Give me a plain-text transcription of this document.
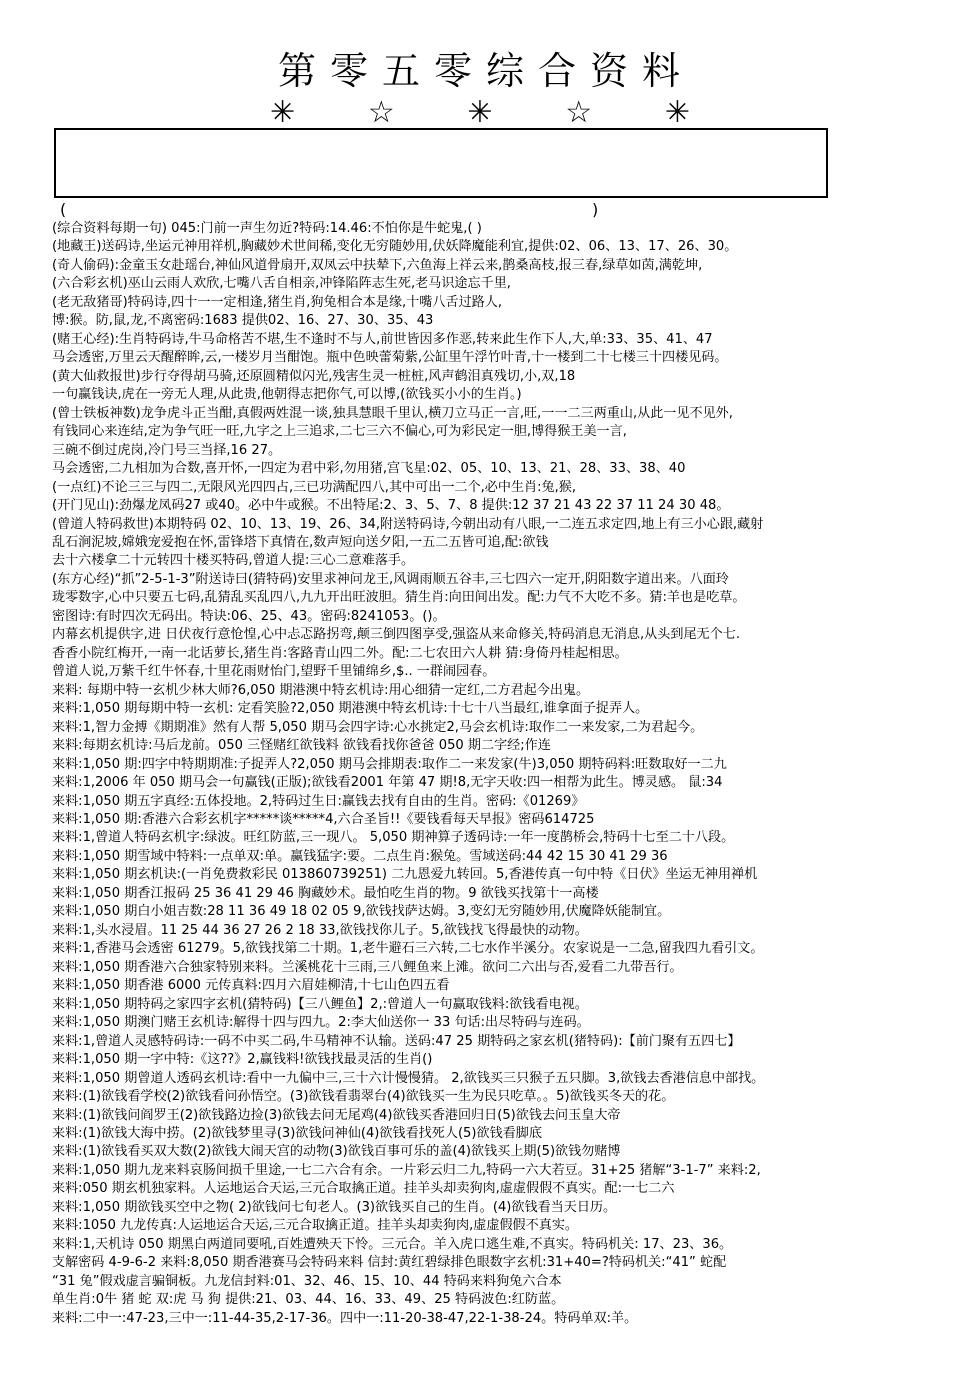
第零五零综合资料
✳ ☆ ✳ ☆ ✳
(	)
(综合资料每期一句) 045:门前一声生勿近?特码:14.46:不怕你是牛蛇鬼,( )
(地藏王)送码诗,坐运元神用祥机,胸藏妙术世间稀,变化无穷随妙用,伏妖降魔能利宜,提供:02、06、13、17、26、30。
(奇人偷码):金童玉女赴瑶台,神仙风道骨扇开,双凤云中扶辇下,六鱼海上祥云来,鹊桑高枝,报三春,绿草如茵,满乾坤,
(六合彩玄机)巫山云雨人欢欣,七嘴八舌自相亲,冲锋陷阵志生死,老马识途忘千里,
(老无敌猪哥)特码诗,四十一一定相逢,猪生肖,狗兔相合本是缘,十嘴八舌过路人,
博:猴。防,鼠,龙,不离密码:1683 提供02、16、27、30、35、43
(赌王心经):生肖特码诗,牛马命格苦不堪,生不逢时不与人,前世皆因多作恶,转来此生作下人,大,单:33、35、41、47
马会透密,万里云天醒醉眸,云,一楼岁月当酣饱。瓶中色映蕾菊紫,公缸里午浮竹叶青,十一楼到二十七楼三十四楼见码。
(黄大仙救报世)步行夺得胡马骑,还原圆精似闪光,残害生灵一桩桩,风声鹤泪真残切,小,双,18
一句赢钱诀,虎在一旁无人理,从此贵,他朝得志把你气,可以博,(欲钱买小小的生肖。)
(曾士铁板神数)龙争虎斗正当酣,真假两姓混一谈,独具慧眼千里认,横刀立马正一言,旺,一一二三两重山,从此一见不见外,
有钱同心来连结,定为争气旺一旺,九字之上三追求,二七三六不偏心,可为彩民定一胆,博得猴王美一言,
三碗不倒过虎岗,冷门号三当择,16 27。
马会透密,二九相加为合数,喜开怀,一四定为君中彩,勿用猪,宫飞星:02、05、10、13、21、28、33、38、40
(一点红)不论三三与四二,无限风光四四占,三已功满配四八,其中可出一二个,必中生肖:兔,猴,
(开门见山):劲爆龙凤码27 或40。必中牛或猴。不出特尾:2、3、5、7、8 提供:12 37 21 43 22 37 11 24 30 48。
(曾道人特码救世)本期特码 02、10、13、19、26、34,附送特码诗,今朝出动有八眼,一二连五求定四,地上有三小心跟,藏射
乱石涧泥坡,嫦娥宠爱抱在怀,雷锋塔下真情在,数声短向送夕阳,一五二五皆可追,配:欲钱
去十六楼拿二十元转四十楼买特码,曾道人提:三心二意难落手。
(东方心经)“抓”2-5-1-3”附送诗曰(猜特码)安里求神问龙王,风调雨顺五谷丰,三七四六一定开,阴阳数字道出来。八面玲
珑零数字,心中只要五七码,乱猜乱买乱四八,九九开出旺波胆。猜生肖:向田间出发。配:力气不大吃不多。猜:羊也是吃草。
密图诗:有时四次无码出。特诀:06、25、43。密码:8241053。()。
内幕玄机提供字,进 日伏夜行意怆惶,心中忐忑路拐弯,颠三倒四图享受,强盗从来命修关,特码消息无消息,从头到尾无个七.
香香小院红梅开,一南一北话萝长,猪生肖:客路青山四二外。配:二七农田六人耕 猜:身倚丹桂起相思。
曾道人说,万紫千红牛怀春,十里花雨财怡门,望野千里铺绵乡,$.. 一群闹园春。
来料: 每期中特一玄机少林大师?6,050 期港澳中特玄机诗:用心细猜一定红,二方君起今出鬼。
来料:1,050 期每期中特一玄机: 定看笑脸?2,050 期港澳中特玄机诗:十七十八当最红,谁拿面子捉弄人。
来料:1,智力金搏《期期准》然有人帮 5,050 期马会四字诗:心水挑定2,马会玄机诗:取作二一来发家,二为君起今。
来料:每期玄机诗:马后龙前。050 三怪赌红欲钱料 欲钱看找你爸爸 050 期二字经;作连
来料:1,050 期:四字中特期期准:子捉弄人?2,050 期马会排期表:取作二一来发家(牛)3,050 期特码料:旺数取好一二九
来料:1,2006 年 050 期马会一句赢钱(正版);欲钱看2001 年第 47 期!8,无字天收:四一相帮为此生。博灵感。 鼠:34
来料:1,050 期五字真经:五体投地。2,特码过生日:赢钱去找有自由的生肖。密码:《01269》
来料:1,050 期:香港六合彩玄机字*****谈*****4,六合圣旨!!《要钱看每天早报》密码614725
来料:1,曾道人特码玄机字:绿波。旺红防蓝,三一现八。 5,050 期神算子透码诗:一年一度鹊桥会,特码十七至二十八段。
来料:1,050 期雪域中特料:一点单双:单。赢钱猛字:要。二点生肖:猴兔。雪域送码:44 42 15 30 41 29 36
来料:1,050 期玄机诀:(一肖免费救彩民 013860739251) 二九恩爱九转回。5,香港传真一句中特《日伏》坐运无神用禅机
来料:1,050 期香江报码 25 36 41 29 46 胸藏妙术。最怕吃生肖的物。9 欲钱买找第十一高楼
来料:1,050 期白小姐吉数:28 11 36 49 18 02 05 9,欲钱找萨达姆。3,变幻无穷随妙用,伏魔降妖能制宜。
来料:1,头水浸眉。11 25 44 36 27 26 2 18 33,欲钱找你儿子。5,欲钱找飞得最快的动物。
来料:1,香港马会透密 61279。5,欲钱找第二十期。1,老牛避石三六转,二七水作半溪分。农家说是一二急,留我四九看引文。
来料:1,050 期香港六合独家特别来料。兰溪桃花十三雨,三八鲤鱼来上滩。欲问二六出与否,爱看二九带吾行。
来料:1,050 期香港 6000 元传真料:四月六眉娃柳清,十七山色四五看
来料:1,050 期特码之家四字玄机(猜特码)【三八鲤鱼】2,:曾道人一句赢取钱料:欲钱看电视。
来料:1,050 期澳门赌王玄机诗:解得十四与四九。2:李大仙送你一 33 句话:出尽特码与连码。
来料:1,曾道人灵感特码诗:一码不中买二码,牛马精神不认输。送码:47 25 期特码之家玄机(猪特码):【前门聚有五四七】
来料:1,050 期一字中特:《这??》2,赢钱料!欲钱找最灵活的生肖()
来料:1,050 期曾道人透码玄机诗:看中一九偏中三,三十六计慢慢猜。 2,欲钱买三只猴子五只脚。3,欲钱去香港信息中部找。
来料:(1)欲钱看学校(2)欲钱看问孙悟空。(3)欲钱看翡翠台(4)欲钱买一生为民只吃草。。5)欲钱买冬天的花。
来料:(1)欲钱问阎罗王(2)欲钱路边捡(3)欲钱去问无尾鸡(4)欲钱买香港回归日(5)欲钱去问玉皇大帝
来料:(1)欲钱大海中捞。(2)欲钱梦里寻(3)欲钱问神仙(4)欲钱看找死人(5)欲钱看脚底
来料:(1)欲钱看买双大数(2)欲钱大闹天宫的动物(3)欲钱百事可乐的盖(4)欲钱买上期(5)欲钱勿赌博
来料:1,050 期九龙来料哀肠间损千里途,一七二六合有余。一片彩云归二九,特码一六大若豆。31+25 猪解“3-1-7” 来料:2,
来料:050 期玄机独家料。人运地运合天运,三元合取擒正道。挂羊头却卖狗肉,虚虚假假不真实。配:一七二六
来料:1,050 期欲钱买空中之物( 2)欲钱问七旬老人。(3)欲钱买自己的生肖。(4)欲钱看当天日历。
来料:1050 九龙传真:人运地运合天运,三元合取擒正道。挂羊头却卖狗肉,虚虚假假不真实。
来料:1,天机诗 050 期黑白两道同要吼,百姓遭殃天下怜。三元合。羊入虎口逃生难,不真实。特码机关: 17、23、36。
支解密码 4-9-6-2 来料:8,050 期香港赛马会特码来料 信封:黄红碧绿排色眼数字玄机:31+40=?特码机关:“41” 蛇配
“31 兔”假戏虚言骗铜板。九龙信封料:01、32、46、15、10、44 特码来料狗兔六合本
单生肖:0牛 猪 蛇 双:虎 马 狗 提供:21、03、44、16、33、49、25 特码波色:红防蓝。
来料:二中一:47-23,三中一:11-44-35,2-17-36。四中一:11-20-38-47,22-1-38-24。特码单双:羊。
